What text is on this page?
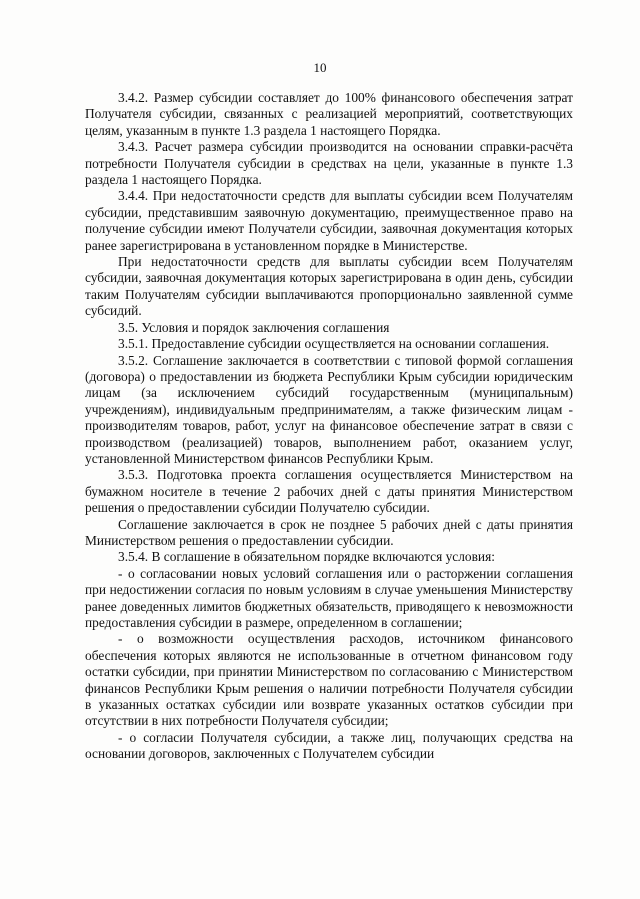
10

3.4.2. Размер субсидии составляет до 100% финансового обеспечения затрат Получателя субсидии, связанных с реализацией мероприятий, соответствующих целям, указанным в пункте 1.3 раздела 1 настоящего Порядка.

3.4.3. Расчет размера субсидии производится на основании справки-расчёта потребности Получателя субсидии в средствах на цели, указанные в пункте 1.3 раздела 1 настоящего Порядка.

3.4.4. При недостаточности средств для выплаты субсидии всем Получателям субсидии, представившим заявочную документацию, преимущественное право на получение субсидии имеют Получатели субсидии, заявочная документация которых ранее зарегистрирована в установленном порядке в Министерстве.

При недостаточности средств для выплаты субсидии всем Получателям субсидии, заявочная документация которых зарегистрирована в один день, субсидии таким Получателям субсидии выплачиваются пропорционально заявленной сумме субсидий.

3.5. Условия и порядок заключения соглашения

3.5.1. Предоставление субсидии осуществляется на основании соглашения.

3.5.2. Соглашение заключается в соответствии с типовой формой соглашения (договора) о предоставлении из бюджета Республики Крым субсидии юридическим лицам (за исключением субсидий государственным (муниципальным) учреждениям), индивидуальным предпринимателям, а также физическим лицам - производителям товаров, работ, услуг на финансовое обеспечение затрат в связи с производством (реализацией) товаров, выполнением работ, оказанием услуг, установленной Министерством финансов Республики Крым.

3.5.3. Подготовка проекта соглашения осуществляется Министерством на бумажном носителе в течение 2 рабочих дней с даты принятия Министерством решения о предоставлении субсидии Получателю субсидии.

Соглашение заключается в срок не позднее 5 рабочих дней с даты принятия Министерством решения о предоставлении субсидии.

3.5.4. В соглашение в обязательном порядке включаются условия:

- о согласовании новых условий соглашения или о расторжении соглашения при недостижении согласия по новым условиям в случае уменьшения Министерству ранее доведенных лимитов бюджетных обязательств, приводящего к невозможности предоставления субсидии в размере, определенном в соглашении;

- о возможности осуществления расходов, источником финансового обеспечения которых являются не использованные в отчетном финансовом году остатки субсидии, при принятии Министерством по согласованию с Министерством финансов Республики Крым решения о наличии потребности Получателя субсидии в указанных остатках субсидии или возврате указанных остатков субсидии при отсутствии в них потребности Получателя субсидии;

- о согласии Получателя субсидии, а также лиц, получающих средства на основании договоров, заключенных с Получателем субсидии
